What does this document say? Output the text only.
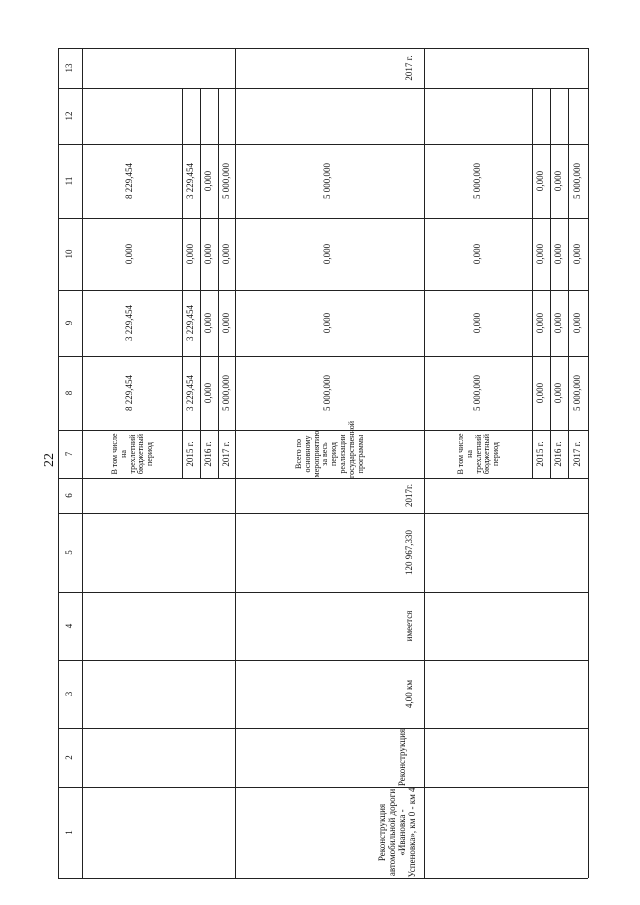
22
1
2
3
4
5
6
7
8
9
10
11
12
13
Реконструкция автомобильной дороги «Ивановка - Успеновка», км 0 - км 4
Реконструкция
4,00 км
имеется
120 967,330
2017г.
В том числе на трехлетний бюджетный период
8 229,454
3 229,454
0,000
8 229,454
2015 г.
3 229,454
3 229,454
0,000
3 229,454
2016 г.
0,000
0,000
0,000
0,000
2017 г.
5 000,000
0,000
0,000
5 000,000
Всего по основному мероприятию за весь период реализации государственной программы
5 000,000
0,000
0,000
5 000,000
2017 г.
В том числе на трехлетний бюджетный период
5 000,000
0,000
0,000
5 000,000
2015 г.
0,000
0,000
0,000
0,000
2016 г.
0,000
0,000
0,000
0,000
2017 г.
5 000,000
0,000
0,000
5 000,000
